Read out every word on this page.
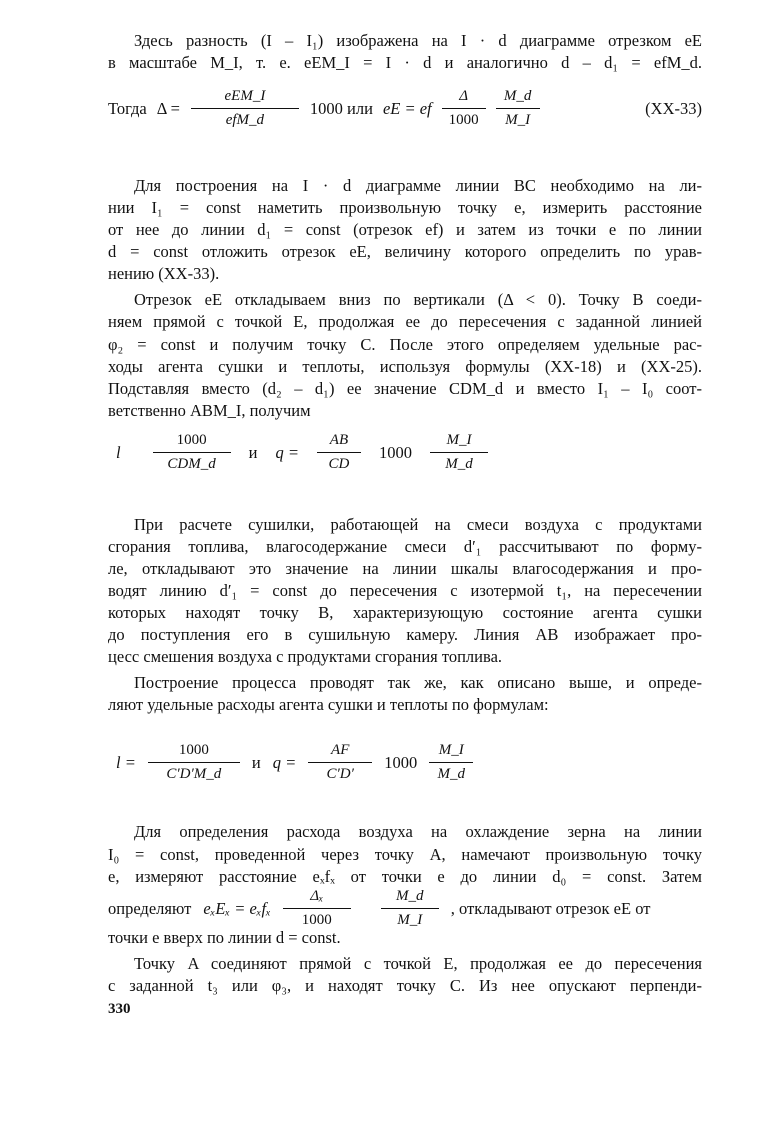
Здесь разность (I – I₁) изображена на I · d диаграмме отрезком eE
в масштабе M_I, т. е. eEM_I = I · d и аналогично d – d₁ = efM_d.
Тогда $\Delta = \frac{\text{eEM\_I}}{\text{efM\_d}} 1000$ или eE = ef $\frac{\Delta}{1000} \frac{M\_d}{M\_I}$	(XX-33)
Для построения на I · d диаграмме линии BC необходимо на ли-
нии I₁ = const наметить произвольную точку e, измерить расстояние
от нее до линии d₁ = const (отрезок ef) и затем из точки e по линии
d = const отложить отрезок eE, величину которого определить по урав-
нению (XX-33).
Отрезок eE откладываем вниз по вертикали (Δ < 0). Точку B соеди-
няем прямой с точкой E, продолжая ее до пересечения с заданной линией
φ₂ = const и получим точку C. После этого определяем удельные рас-
ходы агента сушки и теплоты, используя формулы (XX-18) и (XX-25).
Подставляя вместо (d₂ – d₁) ее значение CDM_d и вместо I₁ – I₀ соот-
ветственно ABM_I, получим
l $\frac{1000}{\text{CDM\_d}}$ и $q = \frac{AB}{CD} 1000 \frac{M\_I}{M\_d}$
При расчете сушилки, работающей на смеси воздуха с продуктами
сгорания топлива, влагосодержание смеси d′₁ рассчитывают по форму-
ле, откладывают это значение на линии шкалы влагосодержания и про-
водят линию d′₁ = const до пересечения с изотермой t₁, на пересечении
которых находят точку B, характеризующую состояние агента сушки
до поступления его в сушильную камеру. Линия AB изображает про-
цесс смешения воздуха с продуктами сгорания топлива.
Построение процесса проводят так же, как описано выше, и опреде-
ляют удельные расходы агента сушки и теплоты по формулам:
$l = \frac{1000}{C'D'M\_d}$ и $q = \frac{AF}{C'D'} 1000 \frac{M\_I}{M\_d}$
Для определения расхода воздуха на охлаждение зерна на линии
I₀ = const, проведенной через точку A, намечают произвольную точку
e, измеряют расстояние eₓfₓ от точки e до линии d₀ = const. Затем
определяют eₓEₓ = eₓfₓ $\frac{\text{Δₓ}}{1000} \frac{M\_d}{M\_I}$ , откладывают отрезок eE от
точки e вверх по линии d = const.
Точку A соединяют прямой с точкой E, продолжая ее до пересечения
с заданной t₃ или φ₃, и находят точку C. Из нее опускают перпенди-
330
